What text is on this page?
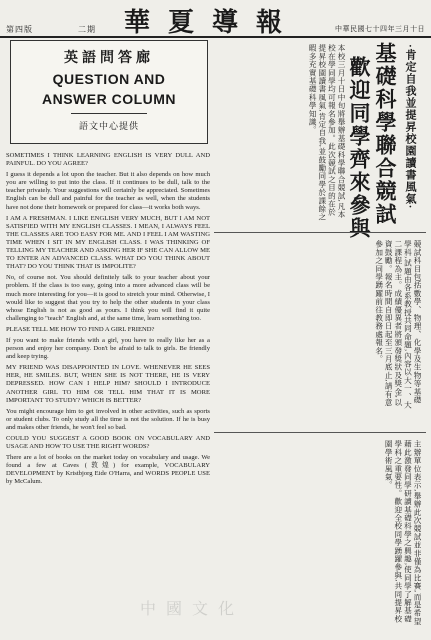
第四版	二期 華夏導報	中華民國七十四年三月十日
英語問答廊
QUESTION AND
ANSWER COLUMN
語文中心提供

SOMETIMES I THINK LEARNING ENGLISH IS VERY DULL AND PAINFUL. DO YOU AGREE?

I guess it depends a lot upon the teacher. But it also depends on how much you are willing to put into the class. If it continues to be dull, talk to the teacher privately. Your suggestions will certainly be appreciated. Sometimes English can be dull and painful for the teacher as well, when the students have not done their homework or prepared for class—it works both ways.

I AM A FRESHMAN. I LIKE ENGLISH VERY MUCH, BUT I AM NOT SATISFIED WITH MY ENGLISH CLASSES. I MEAN, I ALWAYS FEEL THE CLASSES ARE TOO EASY FOR ME. AND I FEEL I AM WASTING TIME WHEN I SIT IN MY ENGLISH CLASS. I WAS THINKING OF TELLING MY TEACHER AND ASKING HER IF SHE CAN ALLOW ME TO ENTER AN ADVANCED CLASS. WHAT DO YOU THINK ABOUT THAT? DO YOU THINK THAT IS IMPOLITE?

No, of course not. You should definitely talk to your teacher about your problem. If the class is too easy, going into a more advanced class will be much more interesting for you—it is good to stretch your mind. Otherwise, I would like to suggest that you try to help the other students in your class whose English is not as good as yours. I think you will find it quite challenging to "teach" English and, at the same time, learn something too.

PLEASE TELL ME HOW TO FIND A GIRL FRIEND?

If you want to make friends with a girl, you have to really like her as a person and enjoy her company. Don't be afraid to talk to girls. Be friendly and keep trying.

MY FRIEND WAS DISAPPOINTED IN LOVE. WHENEVER HE SEES HER, HE SMILES. BUT, WHEN SHE IS NOT THERE, HE IS VERY DEPRESSED. HOW CAN I HELP HIM? SHOULD I INTRODUCE ANOTHER GIRL TO HIM OR TELL HIM THAT IT IS MORE IMPORTANT TO STUDY? WHICH IS BETTER?

You might encourage him to get involved in other activities, such as sports or student clubs. To only study all the time is not the solution. If he is busy and makes other friends, he won't feel so bad.

COULD YOU SUGGEST A GOOD BOOK ON VOCABULARY AND USAGE AND HOW TO USE THE RIGHT WORDS?

There are a lot of books on the market today on vocabulary and usage. We found a few at Caves (敦煌) for example, VOCABULARY DEVELOPMENT by Kristbjorg Eide O'Harra, and WORDS PEOPLE USE by McCalum.

·肯定自我並提昇校園讀書風氣·
基礎科學聯合競試
歡迎同學齊來參與
本校三月十日中旬將舉辦基礎科學聯合競試,凡本校在學同學均可報名參加。此次競試之目的在於提昇校園讀書風氣,肯定自我,並鼓勵同學於課餘之暇多充實基礎科學知識。
競試科目包括數學、物理、化學及生物等基礎學科,試題由各系教授共同命題,內容以大一、大二課程為主。成績優異者將頒發獎狀及獎金,以資鼓勵。報名時間自即日起至三月底止,請有意參加之同學踴躍前往教務處報名。
主辦單位表示,舉辦此次競試並非僅為比賽,而是希望藉此激發同學研讀基礎科學之興趣,使同學了解基礎學科之重要性。歡迎全校同學踴躍參與,共同提昇校園學術風氣。
中國文化
